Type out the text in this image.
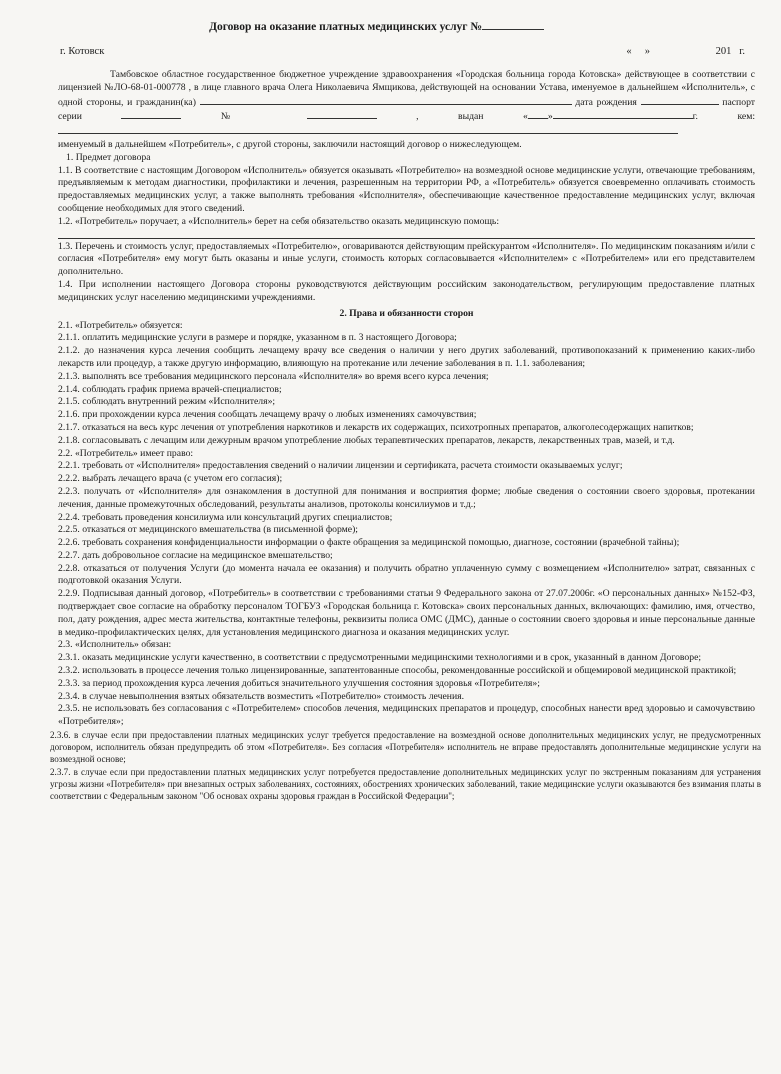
Договор на оказание платных медицинских услуг №
г. Котовск	«     »                         201   г.

Тамбовское областное государственное бюджетное учреждение здравоохранения «Городская больница города Котовска» действующее в соответствии с лицензией №ЛО-68-01-000778 , в лице главного врача Олега Николаевича Ямщикова, действующей на основании Устава, именуемое в дальнейшем «Исполнитель», с одной стороны, и гражданин(ка)	дата рождения	паспорт серии	№	, выдан « »	г.	кем:

именуемый в дальнейшем «Потребитель», с другой стороны, заключили настоящий договор о нижеследующем.

1. Предмет договора

1.1. В соответствие с настоящим Договором «Исполнитель» обязуется оказывать «Потребителю» на возмездной основе медицинские услуги, отвечающие требованиям, предъявляемым к методам диагностики, профилактики и лечения, разрешенным на территории РФ, а «Потребитель» обязуется своевременно оплачивать стоимость предоставляемых медицинских услуг, а также выполнять требования «Исполнителя», обеспечивающие качественное предоставление медицинских услуг, включая сообщение необходимых для этого сведений.

1.2. «Потребитель» поручает, а «Исполнитель» берет на себя обязательство оказать медицинскую помощь:

1.3. Перечень и стоимость услуг, предоставляемых «Потребителю», оговариваются действующим прейскурантом «Исполнителя». По медицинским показаниям и/или с согласия «Потребителя» ему могут быть оказаны и иные услуги, стоимость которых согласовывается «Исполнителем» с «Потребителем» или его представителем дополнительно.

1.4. При исполнении настоящего Договора стороны руководствуются действующим российским законодательством, регулирующим предоставление платных медицинских услуг населению медицинскими учреждениями.

2. Права и обязанности сторон

2.1. «Потребитель» обязуется:

2.1.1. оплатить медицинские услуги в размере и порядке, указанном в п. 3 настоящего Договора;

2.1.2. до назначения курса лечения сообщить лечащему врачу все сведения о наличии у него других заболеваний, противопоказаний к применению каких-либо лекарств или процедур, а также другую информацию, влияющую на протекание или лечение заболевания в п. 1.1. заболевания;

2.1.3. выполнять все требования медицинского персонала «Исполнителя» во время всего курса лечения;

2.1.4. соблюдать график приема врачей-специалистов;

2.1.5. соблюдать внутренний режим «Исполнителя»;

2.1.6. при прохождении курса лечения сообщать лечащему врачу о любых изменениях самочувствия;

2.1.7. отказаться на весь курс лечения от употребления наркотиков и лекарств их содержащих, психотропных препаратов, алкоголесодержащих напитков;

2.1.8. согласовывать с лечащим или дежурным врачом употребление любых терапевтических препаратов, лекарств, лекарственных трав, мазей, и т.д.

2.2. «Потребитель» имеет право:

2.2.1. требовать от «Исполнителя» предоставления сведений о наличии лицензии и сертификата, расчета стоимости оказываемых услуг;

2.2.2. выбрать лечащего врача (с учетом его согласия);

2.2.3. получать от «Исполнителя» для ознакомления в доступной для понимания и восприятия форме; любые сведения о состоянии своего здоровья, протекании лечения, данные промежуточных обследований, результаты анализов, протоколы консилиумов и т.д.;

2.2.4. требовать проведения консилиума или консультаций других специалистов;

2.2.5. отказаться от медицинского вмешательства (в письменной форме);

2.2.6. требовать сохранения конфиденциальности информации о факте обращения за медицинской помощью, диагнозе, состоянии (врачебной тайны);

2.2.7. дать добровольное согласие на медицинское вмешательство;

2.2.8. отказаться от получения Услуги (до момента начала ее оказания) и получить обратно уплаченную сумму с возмещением «Исполнителю» затрат, связанных с подготовкой оказания Услуги.

2.2.9. Подписывая данный договор, «Потребитель» в соответствии с требованиями статьи 9 Федерального закона от 27.07.2006г. «О персональных данных» №152-ФЗ, подтверждает свое согласие на обработку персоналом ТОГБУЗ «Городская больница г. Котовска» своих персональных данных, включающих: фамилию, имя, отчество, пол, дату рождения, адрес места жительства, контактные телефоны, реквизиты полиса ОМС (ДМС), данные о состоянии своего здоровья и иные персональные данные в медико-профилактических целях, для установления медицинского диагноза и оказания медицинских услуг.

2.3. «Исполнитель» обязан:

2.3.1. оказать медицинские услуги качественно, в соответствии с предусмотренными медицинскими технологиями и в срок, указанный в данном Договоре;

2.3.2. использовать в процессе лечения только лицензированные, запатентованные способы, рекомендованные российской и общемировой медицинской практикой;

2.3.3. за период прохождения курса лечения добиться значительного улучшения состояния здоровья «Потребителя»;

2.3.4. в случае невыполнения взятых обязательств возместить «Потребителю» стоимость лечения.

2.3.5. не использовать без согласования с «Потребителем» способов лечения, медицинских препаратов и процедур, способных нанести вред здоровью и самочувствию «Потребителя»;

2.3.6. в случае если при предоставлении платных медицинских услуг требуется предоставление на возмездной основе дополнительных медицинских услуг, не предусмотренных договором, исполнитель обязан предупредить об этом «Потребителя». Без согласия «Потребителя» исполнитель не вправе предоставлять дополнительные медицинские услуги на возмездной основе;

2.3.7. в случае если при предоставлении платных медицинских услуг потребуется предоставление дополнительных медицинских услуг по экстренным показаниям для устранения угрозы жизни «Потребителя» при внезапных острых заболеваниях, состояниях, обострениях хронических заболеваний, такие медицинские услуги оказываются без взимания платы в соответствии с Федеральным законом "Об основах охраны здоровья граждан в Российской Федерации";
